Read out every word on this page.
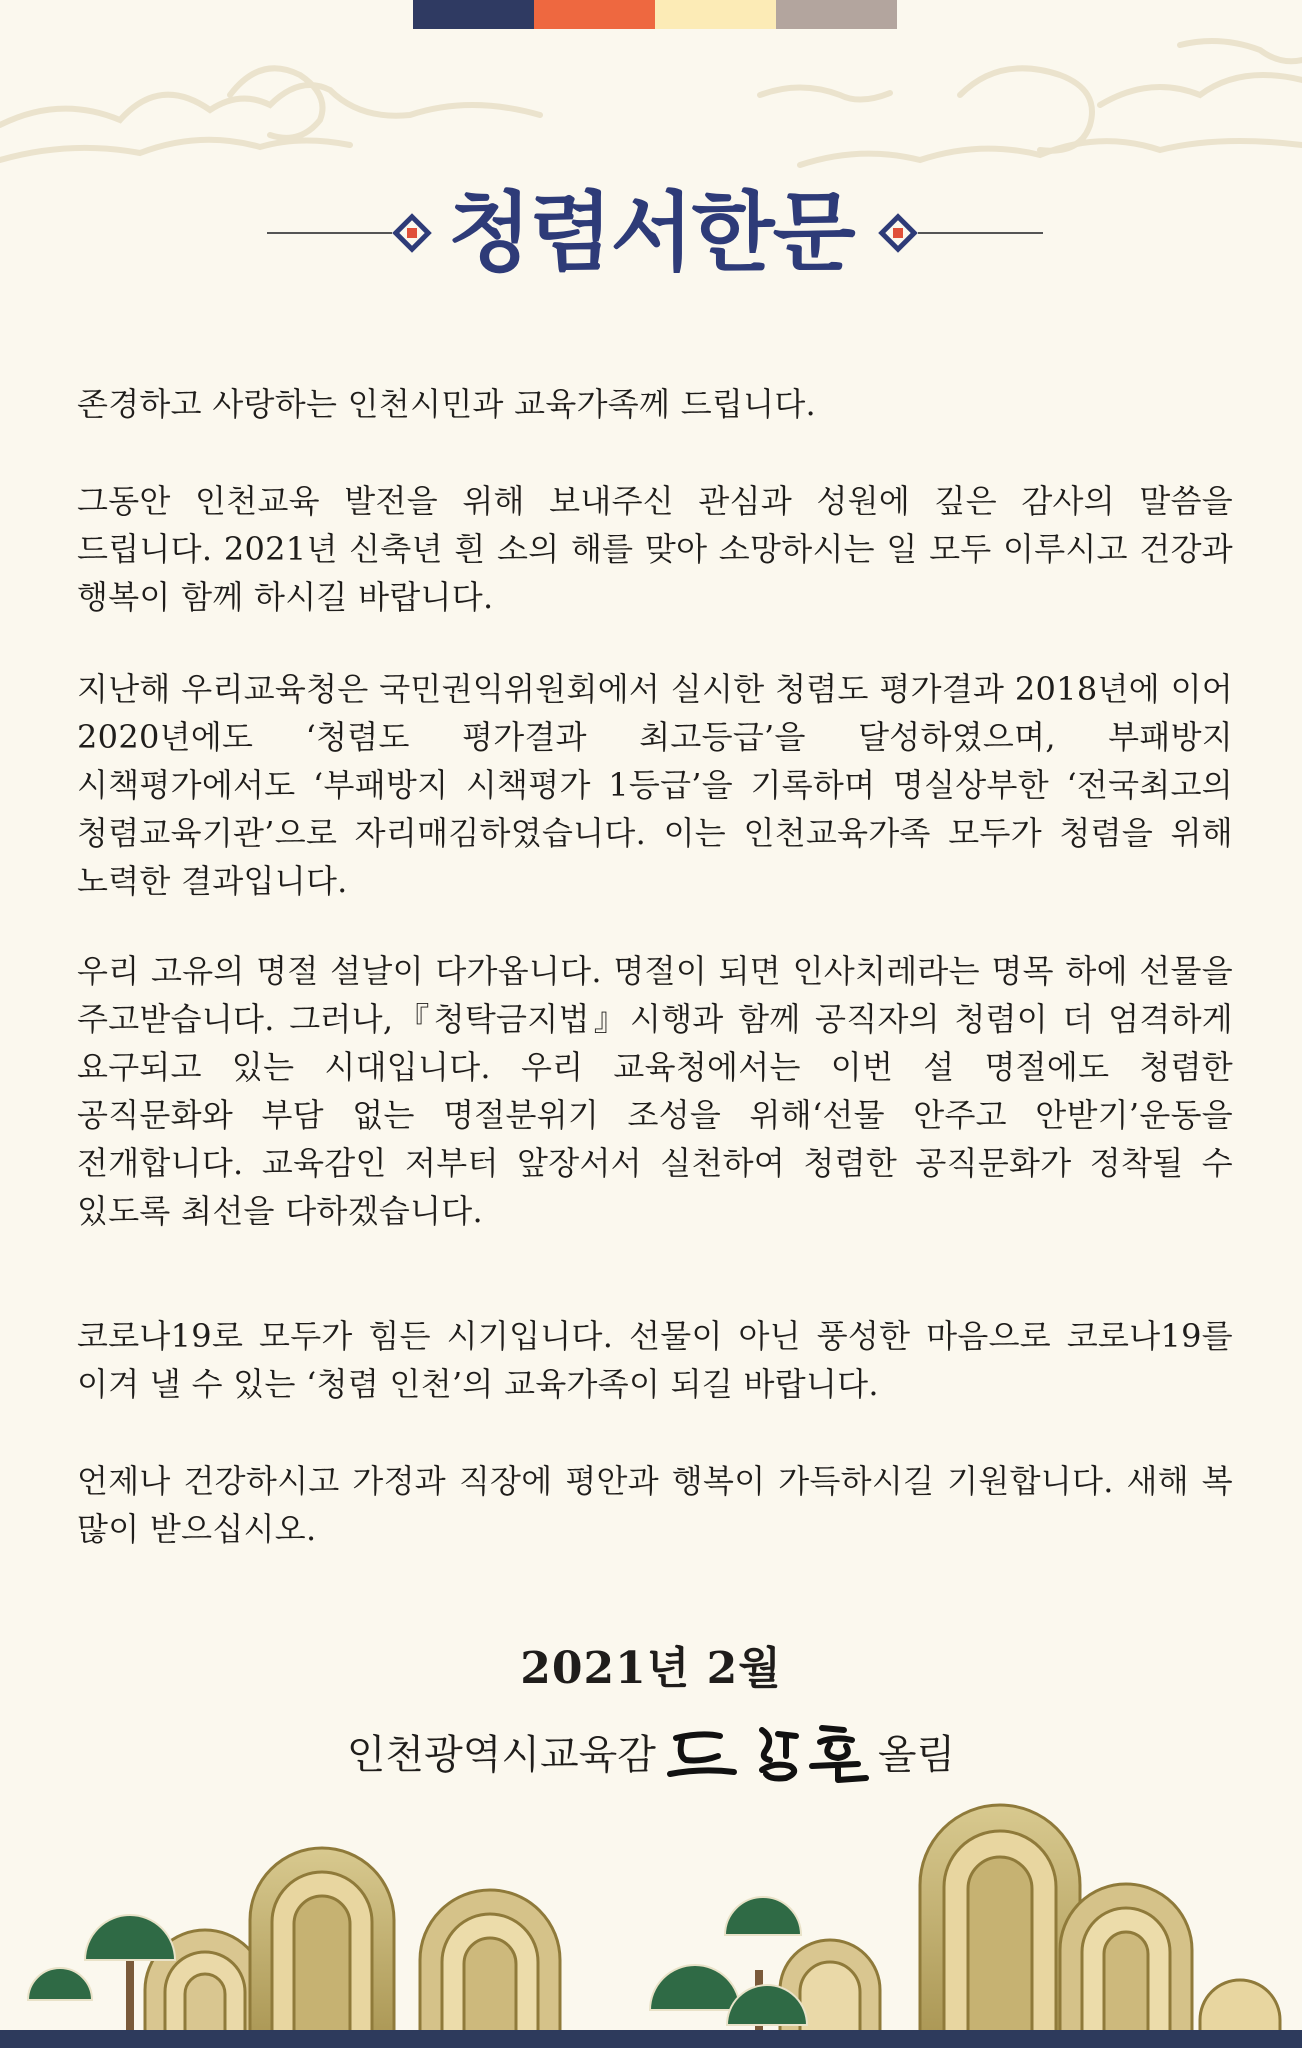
청렴서한문

존경하고 사랑하는 인천시민과 교육가족께 드립니다.

그동안 인천교육 발전을 위해 보내주신 관심과 성원에 깊은 감사의 말씀을 드립니다. 2021년 신축년 흰 소의 해를 맞아 소망하시는 일 모두 이루시고 건강과 행복이 함께 하시길 바랍니다.

지난해 우리교육청은 국민권익위원회에서 실시한 청렴도 평가결과 2018년에 이어 2020년에도 ‘청렴도 평가결과 최고등급’을 달성하였으며, 부패방지 시책평가에서도 ‘부패방지 시책평가 1등급’을 기록하며 명실상부한 ‘전국최고의 청렴교육기관’으로 자리매김하였습니다. 이는 인천교육가족 모두가 청렴을 위해 노력한 결과입니다.

우리 고유의 명절 설날이 다가옵니다. 명절이 되면 인사치레라는 명목 하에 선물을 주고받습니다. 그러나,『청탁금지법』시행과 함께 공직자의 청렴이 더 엄격하게 요구되고 있는 시대입니다. 우리 교육청에서는 이번 설 명절에도 청렴한 공직문화와 부담 없는 명절분위기 조성을 위해‘선물 안주고 안받기’운동을 전개합니다. 교육감인 저부터 앞장서서 실천하여 청렴한 공직문화가 정착될 수 있도록 최선을 다하겠습니다.

코로나19로 모두가 힘든 시기입니다. 선물이 아닌 풍성한 마음으로 코로나19를 이겨 낼 수 있는 ‘청렴 인천’의 교육가족이 되길 바랍니다.

언제나 건강하시고 가정과 직장에 평안과 행복이 가득하시길 기원합니다. 새해 복 많이 받으십시오.

2021년 2월
인천광역시교육감	올림
